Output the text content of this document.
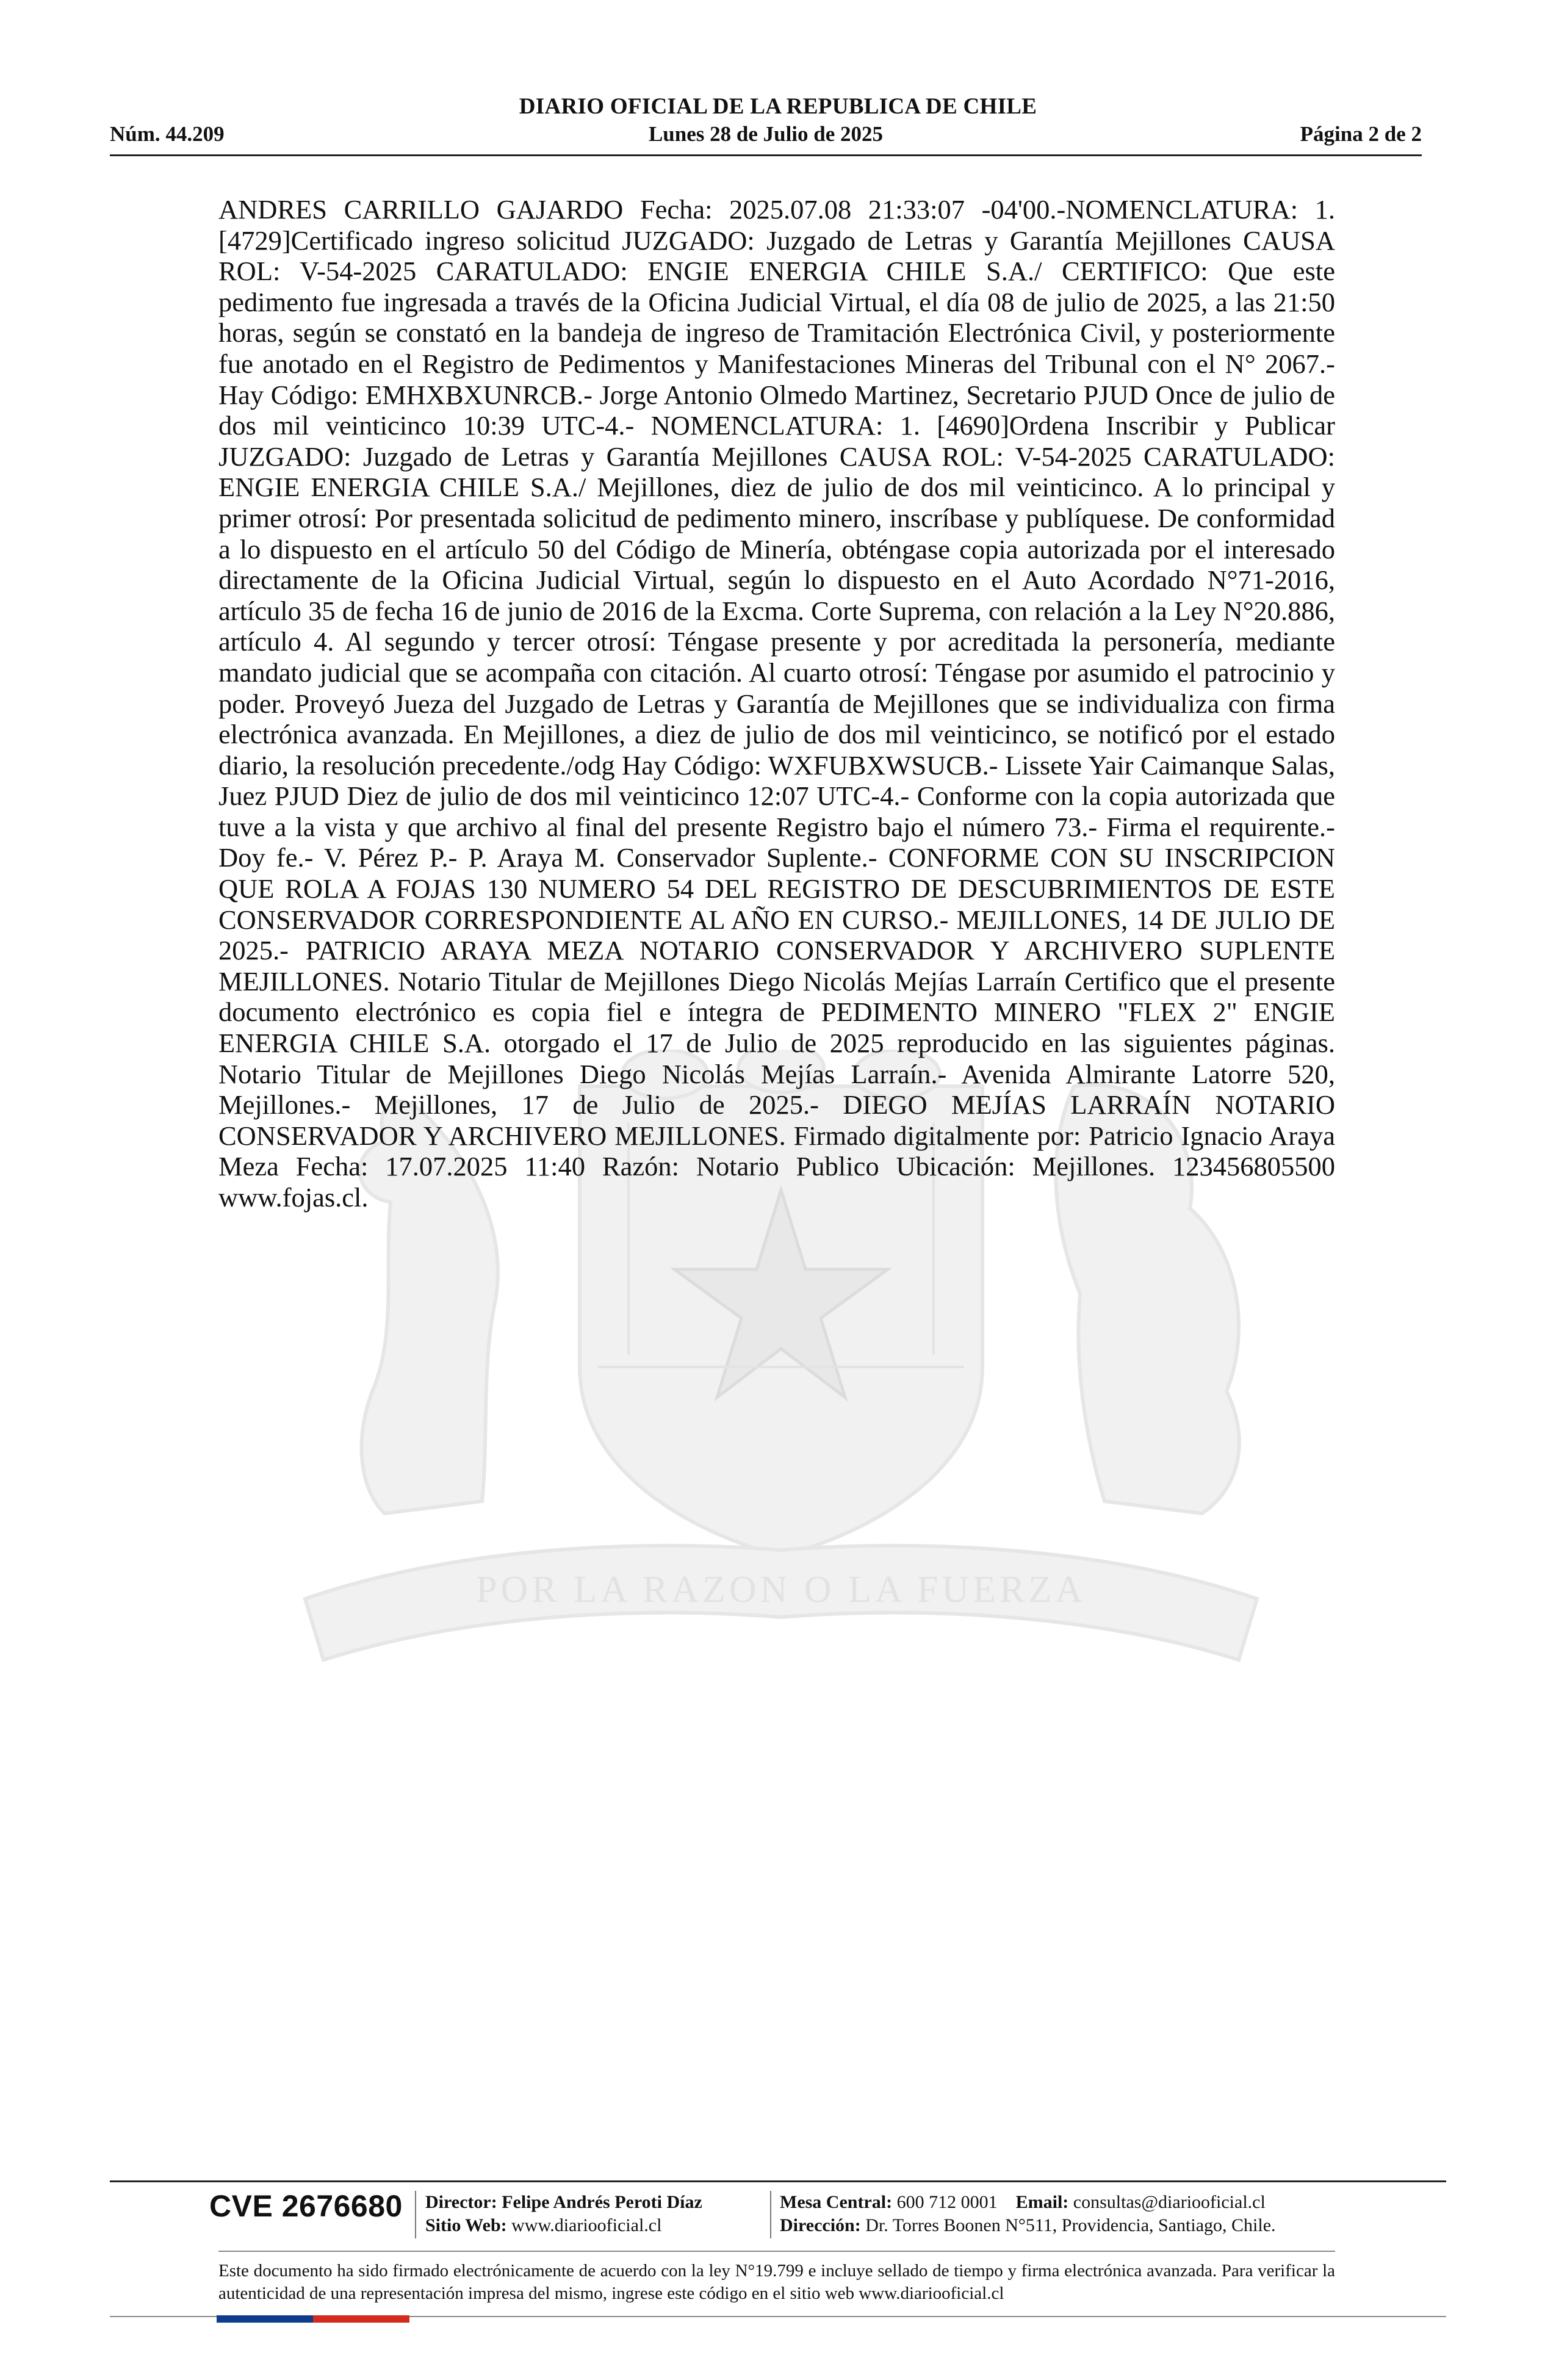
DIARIO OFICIAL DE LA REPUBLICA DE CHILE
Núm. 44.209	Lunes 28 de Julio de 2025	Página 2 de 2
POR LA RAZON O LA FUERZA
ANDRES CARRILLO GAJARDO Fecha: 2025.07.08 21:33:07 -04'00.-NOMENCLATURA: 1. [4729]Certificado ingreso solicitud JUZGADO: Juzgado de Letras y Garantía Mejillones CAUSA ROL: V-54-2025 CARATULADO: ENGIE ENERGIA CHILE S.A./ CERTIFICO: Que este pedimento fue ingresada a través de la Oficina Judicial Virtual, el día 08 de julio de 2025, a las 21:50 horas, según se constató en la bandeja de ingreso de Tramitación Electrónica Civil, y posteriormente fue anotado en el Registro de Pedimentos y Manifestaciones Mineras del Tribunal con el N° 2067.- Hay Código: EMHXBXUNRCB.- Jorge Antonio Olmedo Martinez, Secretario PJUD Once de julio de dos mil veinticinco 10:39 UTC-4.- NOMENCLATURA: 1. [4690]Ordena Inscribir y Publicar JUZGADO: Juzgado de Letras y Garantía Mejillones CAUSA ROL: V-54-2025 CARATULADO: ENGIE ENERGIA CHILE S.A./ Mejillones, diez de julio de dos mil veinticinco. A lo principal y primer otrosí: Por presentada solicitud de pedimento minero, inscríbase y publíquese. De conformidad a lo dispuesto en el artículo 50 del Código de Minería, obténgase copia autorizada por el interesado directamente de la Oficina Judicial Virtual, según lo dispuesto en el Auto Acordado N°71-2016, artículo 35 de fecha 16 de junio de 2016 de la Excma. Corte Suprema, con relación a la Ley N°20.886, artículo 4. Al segundo y tercer otrosí: Téngase presente y por acreditada la personería, mediante mandato judicial que se acompaña con citación. Al cuarto otrosí: Téngase por asumido el patrocinio y poder. Proveyó Jueza del Juzgado de Letras y Garantía de Mejillones que se individualiza con firma electrónica avanzada. En Mejillones, a diez de julio de dos mil veinticinco, se notificó por el estado diario, la resolución precedente./odg Hay Código: WXFUBXWSUCB.- Lissete Yair Caimanque Salas, Juez PJUD Diez de julio de dos mil veinticinco 12:07 UTC-4.- Conforme con la copia autorizada que tuve a la vista y que archivo al final del presente Registro bajo el número 73.- Firma el requirente.- Doy fe.- V. Pérez P.- P. Araya M. Conservador Suplente.- CONFORME CON SU INSCRIPCION QUE ROLA A FOJAS 130 NUMERO 54 DEL REGISTRO DE DESCUBRIMIENTOS DE ESTE CONSERVADOR CORRESPONDIENTE AL AÑO EN CURSO.- MEJILLONES, 14 DE JULIO DE 2025.- PATRICIO ARAYA MEZA NOTARIO CONSERVADOR Y ARCHIVERO SUPLENTE MEJILLONES. Notario Titular de Mejillones Diego Nicolás Mejías Larraín Certifico que el presente documento electrónico es copia fiel e íntegra de PEDIMENTO MINERO "FLEX 2" ENGIE ENERGIA CHILE S.A. otorgado el 17 de Julio de 2025 reproducido en las siguientes páginas. Notario Titular de Mejillones Diego Nicolás Mejías Larraín.- Avenida Almirante Latorre 520, Mejillones.- Mejillones, 17 de Julio de 2025.- DIEGO MEJÍAS LARRAÍN NOTARIO CONSERVADOR Y ARCHIVERO MEJILLONES. Firmado digitalmente por: Patricio Ignacio Araya Meza Fecha: 17.07.2025 11:40 Razón: Notario Publico Ubicación: Mejillones. 123456805500 www.fojas.cl.
CVE 2676680 Director: Felipe Andrés Peroti Díaz
Sitio Web: www.diariooficial.cl
Mesa Central: 600 712 0001 Email: consultas@diariooficial.cl
Dirección: Dr. Torres Boonen N°511, Providencia, Santiago, Chile.
Este documento ha sido firmado electrónicamente de acuerdo con la ley N°19.799 e incluye sellado de tiempo y firma electrónica avanzada. Para verificar la autenticidad de una representación impresa del mismo, ingrese este código en el sitio web www.diariooficial.cl
